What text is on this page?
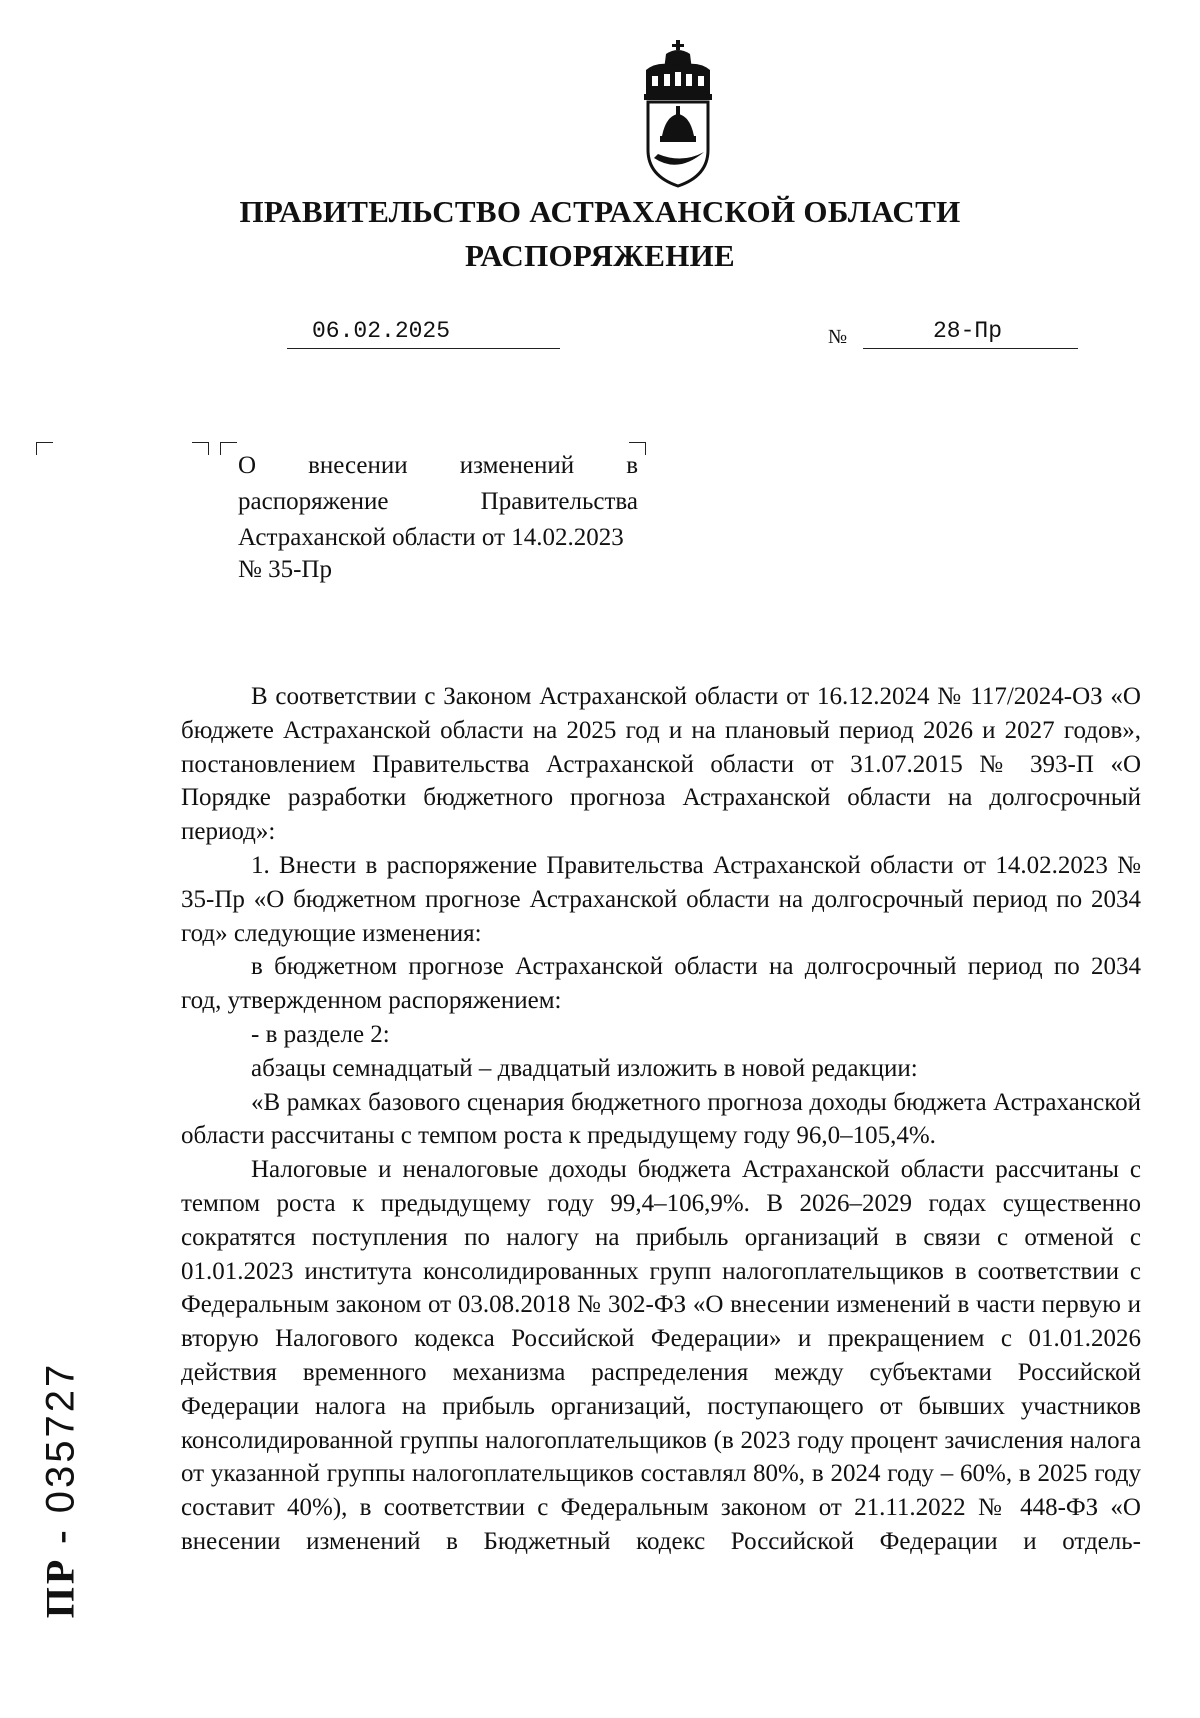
ПРАВИТЕЛЬСТВО АСТРАХАНСКОЙ ОБЛАСТИ
РАСПОРЯЖЕНИЕ
06.02.2025	№	28-Пр
О внесении изменений в распоряжение Правительства Астраханской области от 14.02.2023
№ 35-Пр

В соответствии с Законом Астраханской области от 16.12.2024 № 117/2024-ОЗ «О бюджете Астраханской области на 2025 год и на плановый период 2026 и 2027 годов», постановлением Правительства Астраханской области от 31.07.2015 № 393-П «О Порядке разработки бюджетного прогноза Астраханской области на долгосрочный период»:

1. Внести в распоряжение Правительства Астраханской области от 14.02.2023 № 35-Пр «О бюджетном прогнозе Астраханской области на долгосрочный период по 2034 год» следующие изменения:

в бюджетном прогнозе Астраханской области на долгосрочный период по 2034 год, утвержденном распоряжением:

- в разделе 2:

абзацы семнадцатый – двадцатый изложить в новой редакции:

«В рамках базового сценария бюджетного прогноза доходы бюджета Астраханской области рассчитаны с темпом роста к предыдущему году 96,0–105,4%.

Налоговые и неналоговые доходы бюджета Астраханской области рассчитаны с темпом роста к предыдущему году 99,4–106,9%. В 2026–2029 годах существенно сократятся поступления по налогу на прибыль организаций в связи с отменой с 01.01.2023 института консолидированных групп налогоплательщиков в соответствии с Федеральным законом от 03.08.2018 № 302-ФЗ «О внесении изменений в части первую и вторую Налогового кодекса Российской Федерации» и прекращением с 01.01.2026 действия временного механизма распределения между субъектами Российской Федерации налога на прибыль организаций, поступающего от бывших участников консолидированной группы налогоплательщиков (в 2023 году процент зачисления налога от указанной группы налогоплательщиков составлял 80%, в 2024 году – 60%, в 2025 году составит 40%), в соответствии с Федеральным законом от 21.11.2022 № 448-ФЗ «О внесении изменений в Бюджетный кодекс Российской Федерации и отдель-

ПР - 035727
